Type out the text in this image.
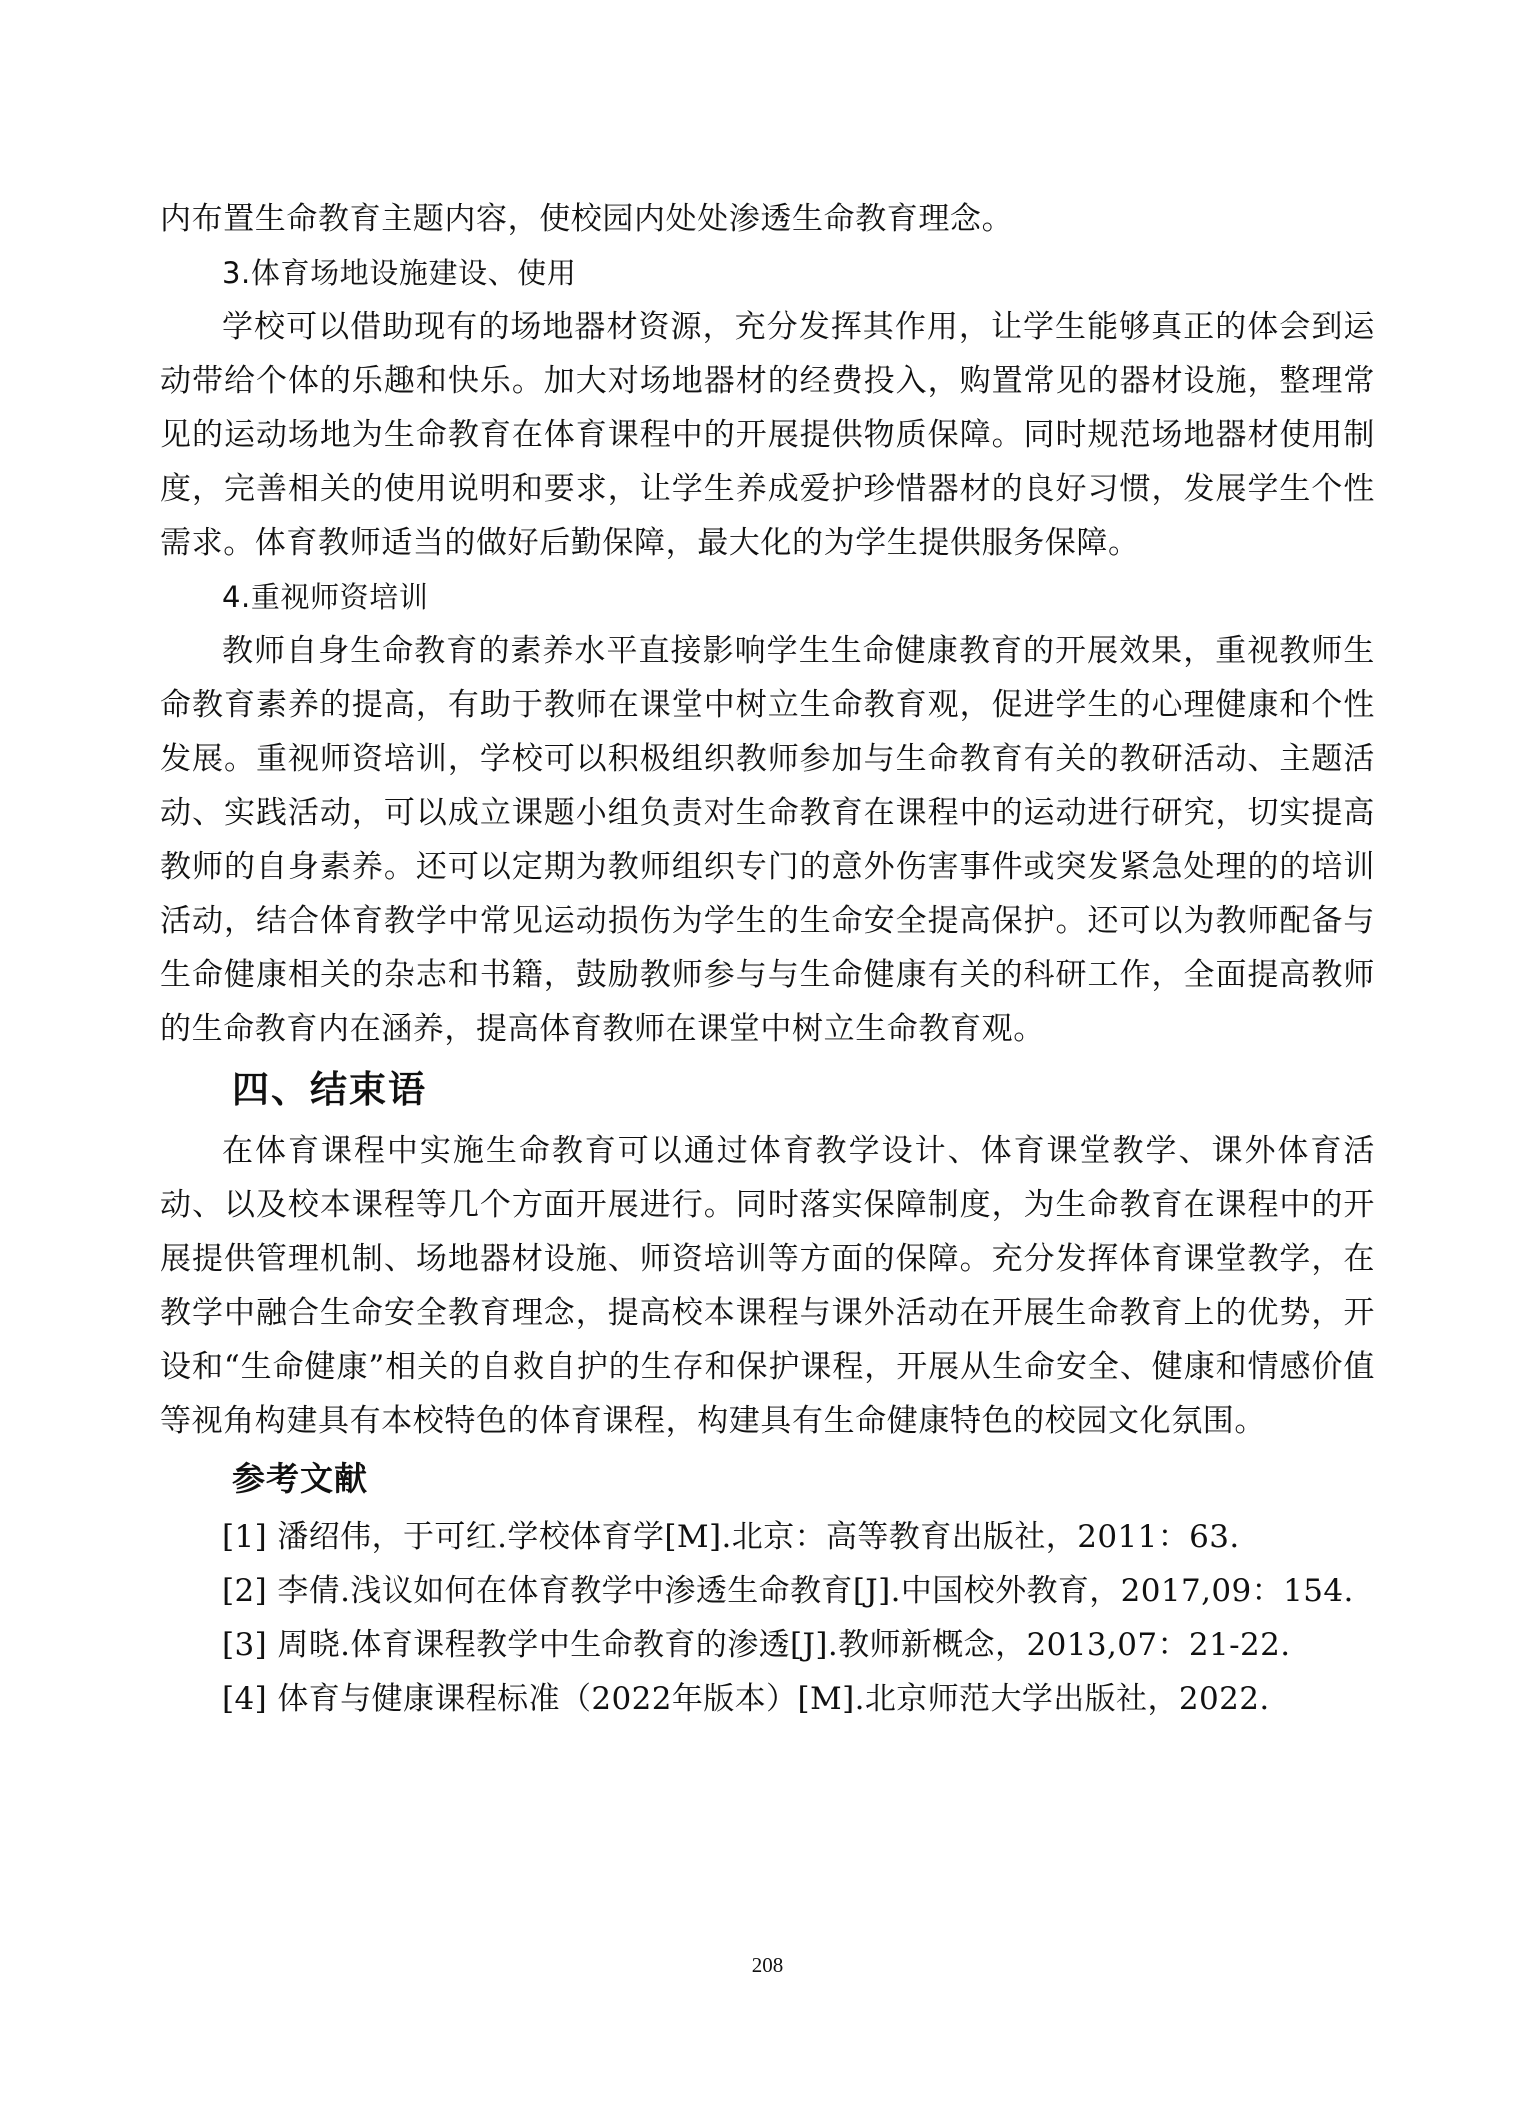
内布置生命教育主题内容，使校园内处处渗透生命教育理念。

3.体育场地设施建设、使用

学校可以借助现有的场地器材资源，充分发挥其作用，让学生能够真正的体会到运动带给个体的乐趣和快乐。加大对场地器材的经费投入，购置常见的器材设施，整理常见的运动场地为生命教育在体育课程中的开展提供物质保障。同时规范场地器材使用制度，完善相关的使用说明和要求，让学生养成爱护珍惜器材的良好习惯，发展学生个性需求。体育教师适当的做好后勤保障，最大化的为学生提供服务保障。

4.重视师资培训

教师自身生命教育的素养水平直接影响学生生命健康教育的开展效果，重视教师生命教育素养的提高，有助于教师在课堂中树立生命教育观，促进学生的心理健康和个性发展。重视师资培训，学校可以积极组织教师参加与生命教育有关的教研活动、主题活动、实践活动，可以成立课题小组负责对生命教育在课程中的运动进行研究，切实提高教师的自身素养。还可以定期为教师组织专门的意外伤害事件或突发紧急处理的的培训活动，结合体育教学中常见运动损伤为学生的生命安全提高保护。还可以为教师配备与生命健康相关的杂志和书籍，鼓励教师参与与生命健康有关的科研工作，全面提高教师的生命教育内在涵养，提高体育教师在课堂中树立生命教育观。

四、结束语

在体育课程中实施生命教育可以通过体育教学设计、体育课堂教学、课外体育活动、以及校本课程等几个方面开展进行。同时落实保障制度，为生命教育在课程中的开展提供管理机制、场地器材设施、师资培训等方面的保障。充分发挥体育课堂教学，在教学中融合生命安全教育理念，提高校本课程与课外活动在开展生命教育上的优势，开设和“生命健康”相关的自救自护的生存和保护课程，开展从生命安全、健康和情感价值等视角构建具有本校特色的体育课程，构建具有生命健康特色的校园文化氛围。

参考文献

[1] 潘绍伟，于可红.学校体育学[M].北京：高等教育出版社，2011：63.

[2] 李倩.浅议如何在体育教学中渗透生命教育[J].中国校外教育，2017,09：154.

[3] 周晓.体育课程教学中生命教育的渗透[J].教师新概念，2013,07：21-22.

[4] 体育与健康课程标准（2022年版本）[M].北京师范大学出版社，2022.

208
